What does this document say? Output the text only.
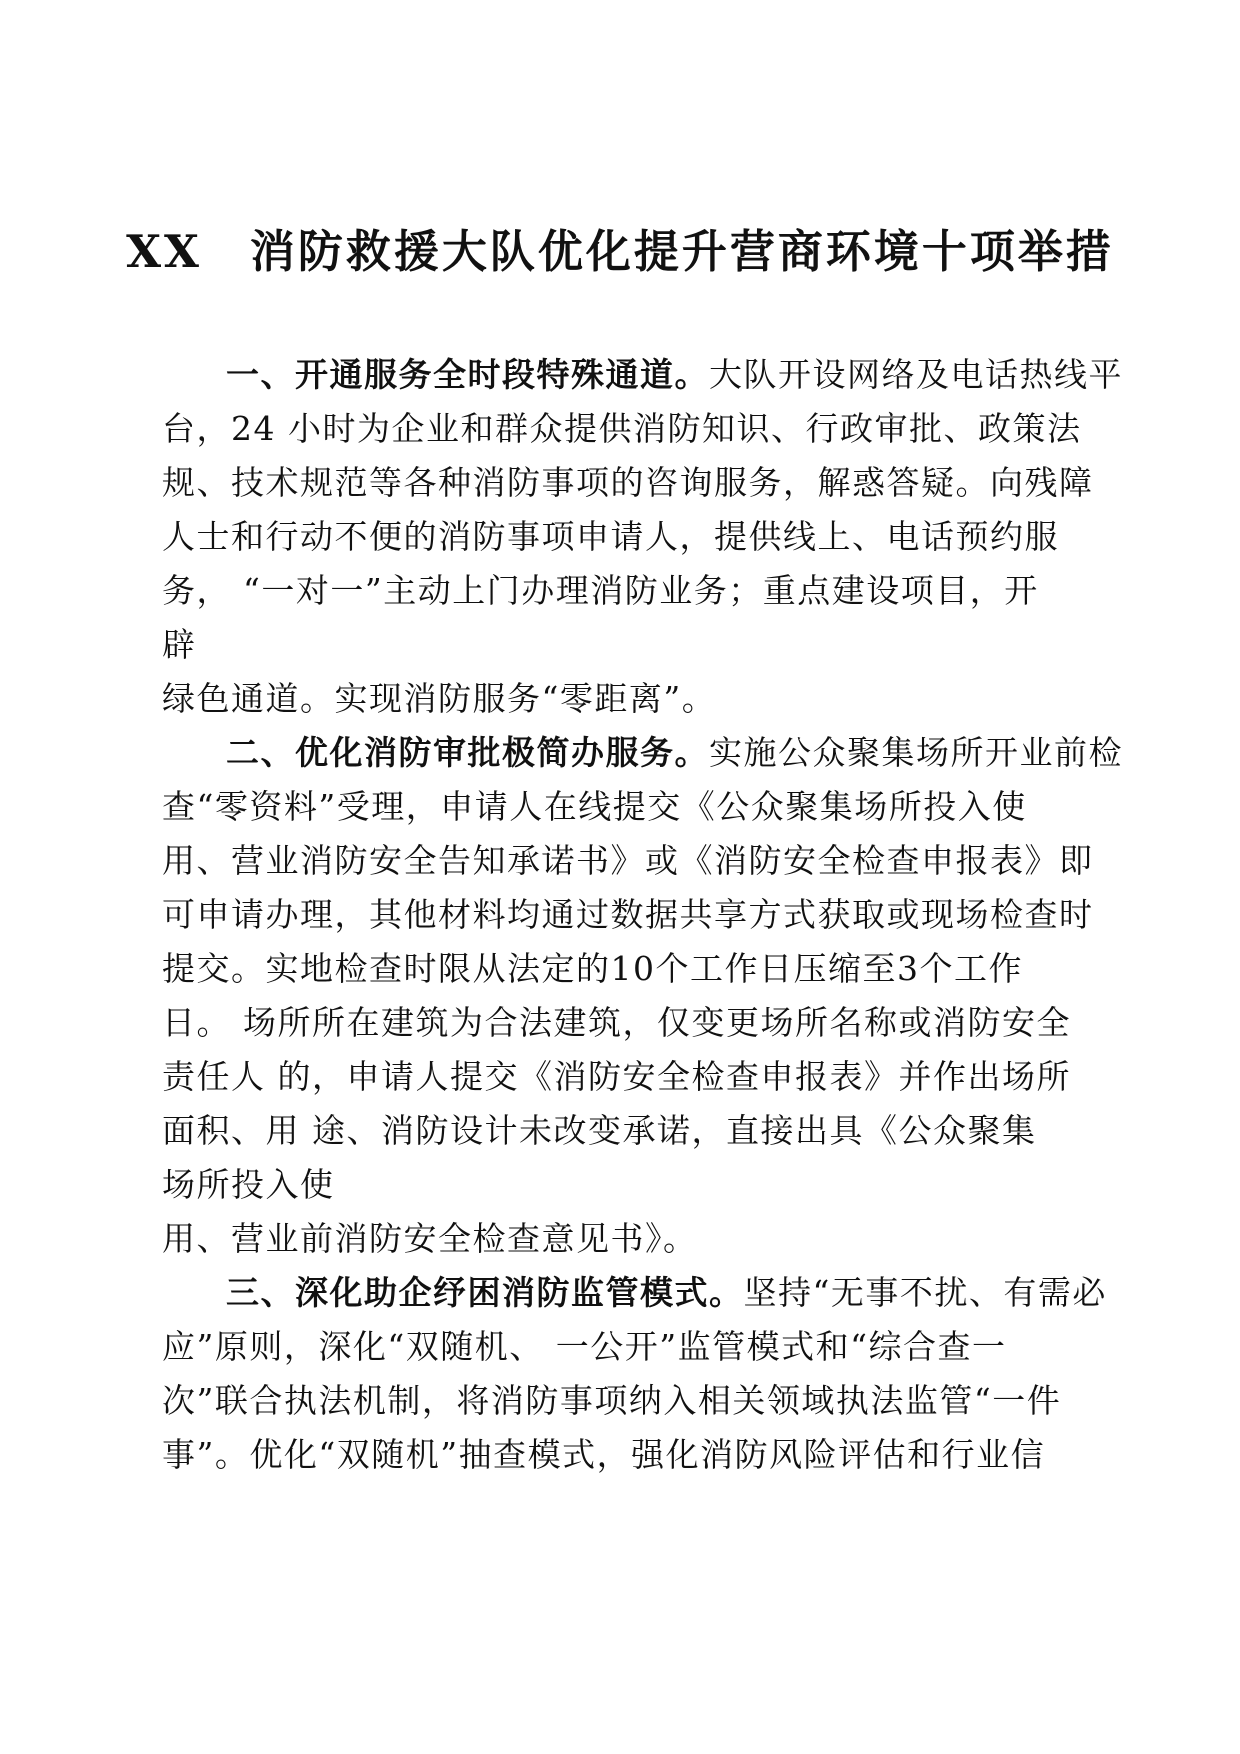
XX　消防救援大队优化提升营商环境十项举措
一、开通服务全时段特殊通道。大队开设网络及电话热线平
台，24 小时为企业和群众提供消防知识、行政审批、政策法
规、技术规范等各种消防事项的咨询服务，解惑答疑。向残障
人士和行动不便的消防事项申请人，提供线上、电话预约服
务， “一对一”主动上门办理消防业务；重点建设项目，开
辟
绿色通道。实现消防服务“零距离”。
二、优化消防审批极简办服务。实施公众聚集场所开业前检
查“零资料”受理，申请人在线提交《公众聚集场所投入使
用、营业消防安全告知承诺书》或《消防安全检查申报表》即
可申请办理，其他材料均通过数据共享方式获取或现场检查时
提交。实地检查时限从法定的10个工作日压缩至3个工作
日。 场所所在建筑为合法建筑，仅变更场所名称或消防安全
责任人 的，申请人提交《消防安全检查申报表》并作出场所
面积、用 途、消防设计未改变承诺，直接出具《公众聚集
场所投入使
用、营业前消防安全检查意见书》。
三、深化助企纾困消防监管模式。坚持“无事不扰、有需必
应”原则，深化“双随机、 一公开”监管模式和“综合查一
次”联合执法机制，将消防事项纳入相关领域执法监管“一件
事”。优化“双随机”抽查模式，强化消防风险评估和行业信
